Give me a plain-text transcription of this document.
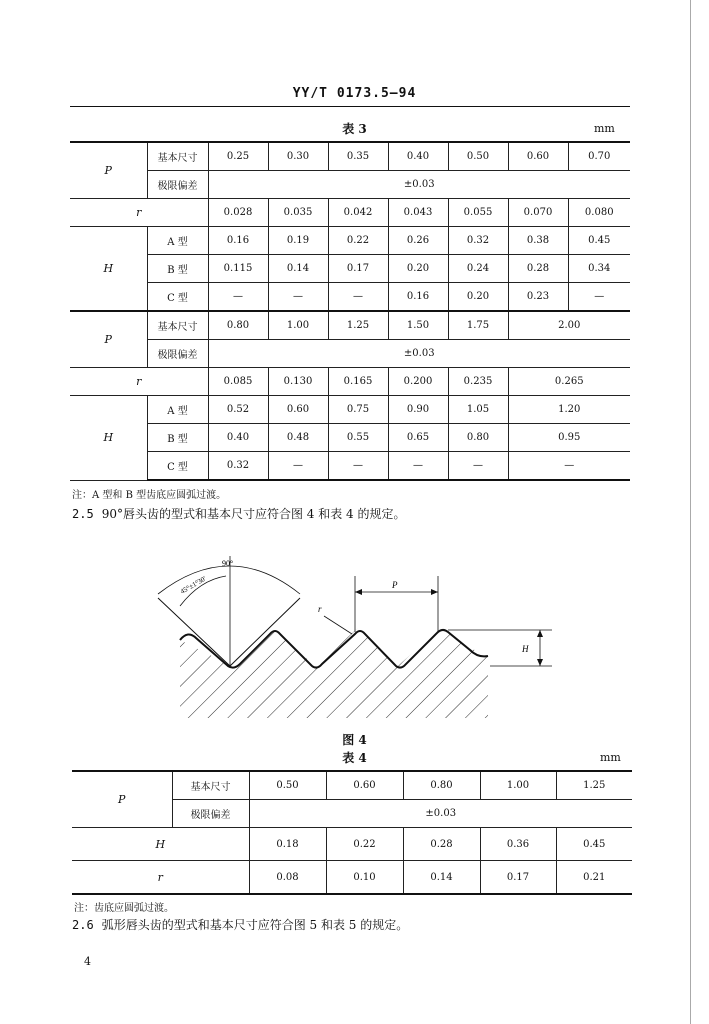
YY/T 0173.5—94
表 3	mm
P	基本尺寸	0.25	0.30	0.35	0.40	0.50	0.60	0.70
	极限偏差	±0.03						
r		0.028	0.035	0.042	0.043	0.055	0.070	0.080
H	A 型	0.16	0.19	0.22	0.26	0.32	0.38	0.45
	B 型	0.115	0.14	0.17	0.20	0.24	0.28	0.34
	C 型	—	—	—	0.16	0.20	0.23	—
P	基本尺寸	0.80	1.00	1.25	1.50	1.75	2.00	
	极限偏差	±0.03						
r		0.085	0.130	0.165	0.200	0.235	0.265	
H	A 型	0.52	0.60	0.75	0.90	1.05	1.20	
	B 型	0.40	0.48	0.55	0.65	0.80	0.95	
	C 型	0.32	—	—	—	—	—	
注：A 型和 B 型齿底应圆弧过渡。
2.5 90°唇头齿的型式和基本尺寸应符合图 4 和表 4 的规定。
90°
45°±1°30′	P
r
H
图 4
表 4	mm
P	基本尺寸	0.50	0.60	0.80	1.00	1.25
	极限偏差	±0.03				
H		0.18	0.22	0.28	0.36	0.45
r		0.08	0.10	0.14	0.17	0.21
注：齿底应圆弧过渡。
2.6 弧形唇头齿的型式和基本尺寸应符合图 5 和表 5 的规定。
4
